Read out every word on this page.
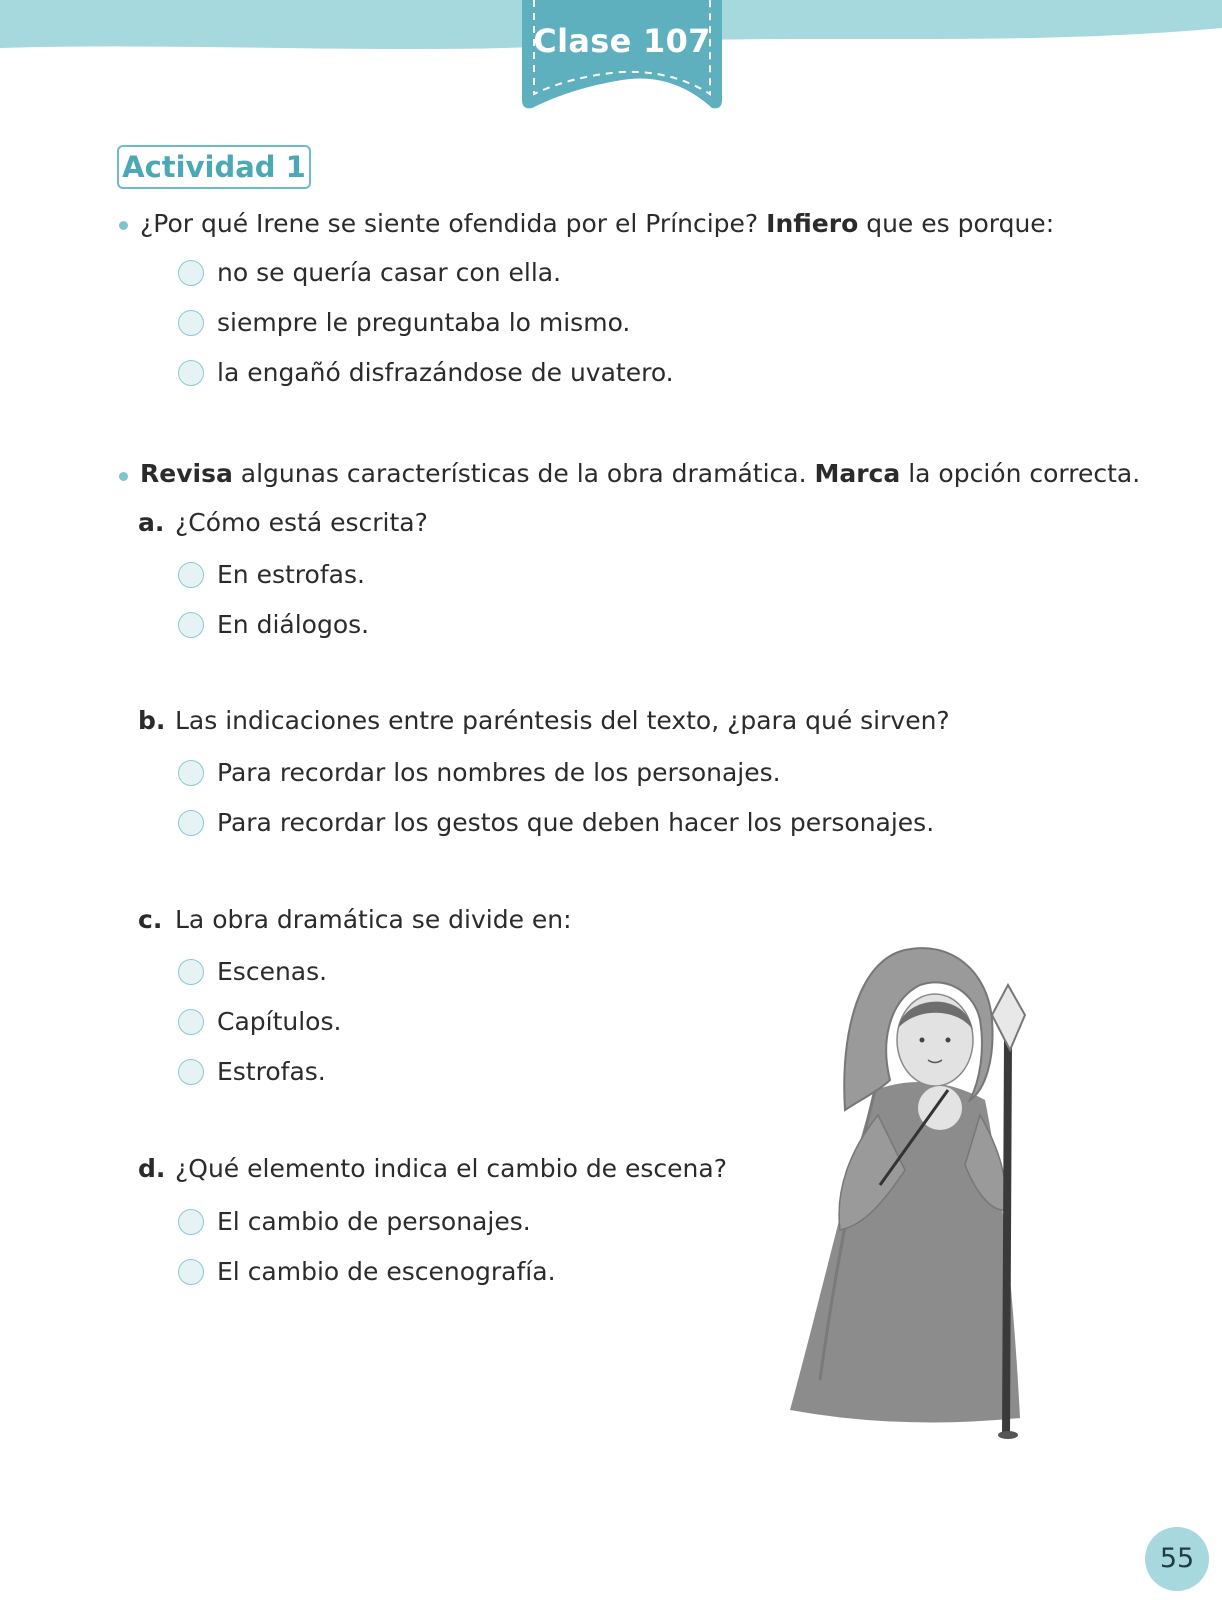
Clase 107
Actividad 1
¿Por qué Irene se siente ofendida por el Príncipe? Infiero que es porque:
no se quería casar con ella.
siempre le preguntaba lo mismo.
la engañó disfrazándose de uvatero.
Revisa algunas características de la obra dramática. Marca la opción correcta.
a. ¿Cómo está escrita?
En estrofas.
En diálogos.
b. Las indicaciones entre paréntesis del texto, ¿para qué sirven?
Para recordar los nombres de los personajes.
Para recordar los gestos que deben hacer los personajes.
c. La obra dramática se divide en:
Escenas.
Capítulos.
Estrofas.
d. ¿Qué elemento indica el cambio de escena?
El cambio de personajes.
El cambio de escenografía.
55
